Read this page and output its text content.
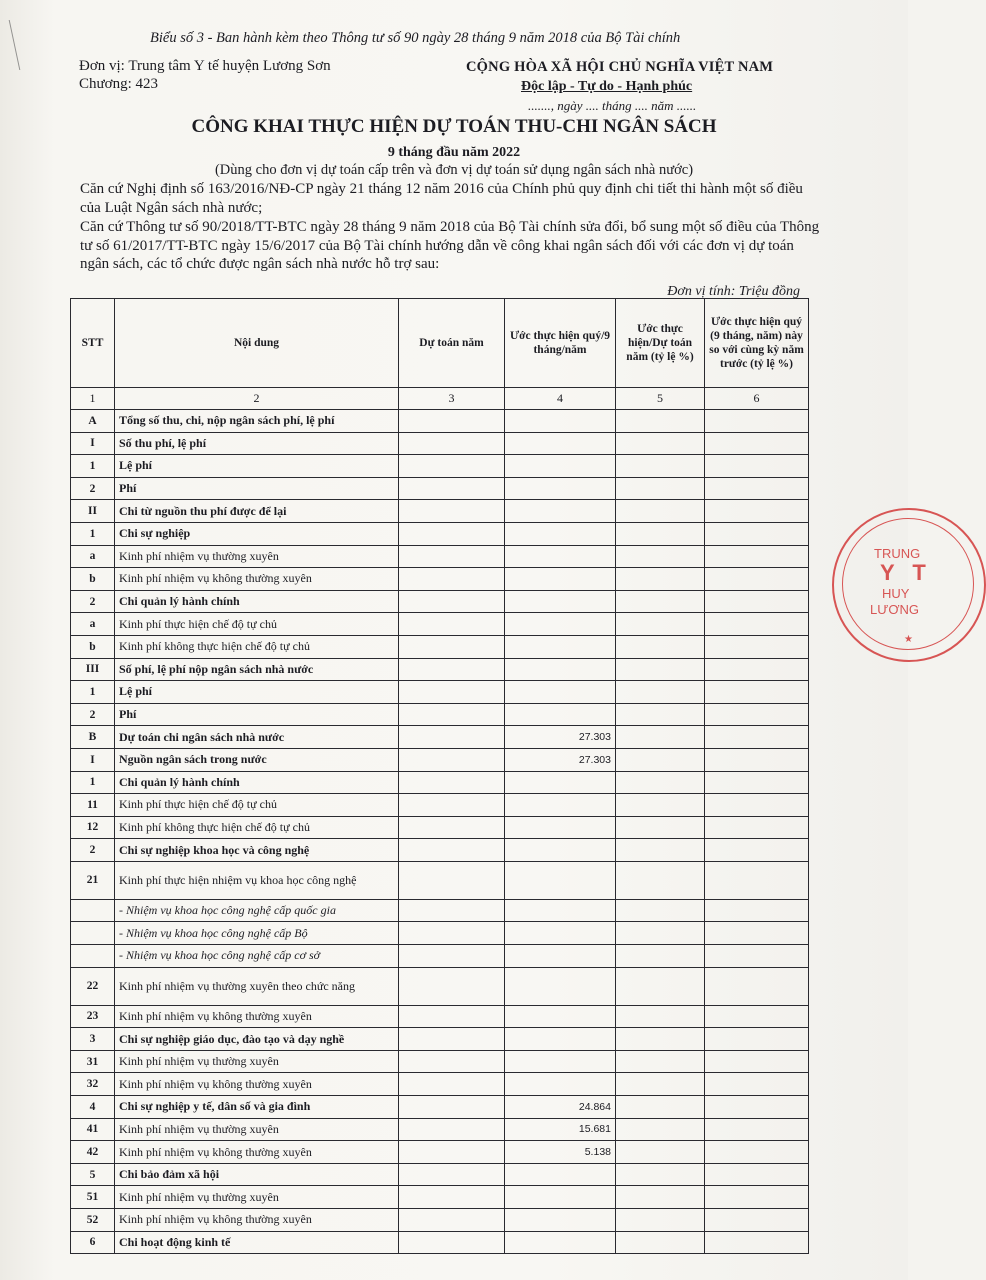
Biểu số 3 - Ban hành kèm theo Thông tư số 90 ngày 28 tháng 9 năm 2018 của Bộ Tài chính
Đơn vị: Trung tâm Y tế huyện Lương Sơn
Chương: 423
CỘNG HÒA XÃ HỘI CHỦ NGHĨA VIỆT NAM
Độc lập - Tự do - Hạnh phúc
......., ngày .... tháng .... năm ......
CÔNG KHAI THỰC HIỆN DỰ TOÁN THU-CHI NGÂN SÁCH
9 tháng đầu năm 2022
(Dùng cho đơn vị dự toán cấp trên và đơn vị dự toán sử dụng ngân sách nhà nước)
Căn cứ Nghị định số 163/2016/NĐ-CP ngày 21 tháng 12 năm 2016 của Chính phủ quy định chi tiết thi hành một số điều của Luật Ngân sách nhà nước;
Căn cứ Thông tư số 90/2018/TT-BTC ngày 28 tháng 9 năm 2018 của Bộ Tài chính sửa đổi, bổ sung một số điều của Thông tư số 61/2017/TT-BTC ngày 15/6/2017 của Bộ Tài chính hướng dẫn về công khai ngân sách đối với các đơn vị dự toán ngân sách, các tổ chức được ngân sách nhà nước hỗ trợ sau:
Đơn vị tính: Triệu đồng
STT	Nội dung	Dự toán năm	Ước thực hiện quý/9 tháng/năm	Ước thực hiện/Dự toán năm (tỷ lệ %)	Ước thực hiện quý (9 tháng, năm) này so với cùng kỳ năm trước (tỷ lệ %)
1	2	3	4	5	6
A	Tổng số thu, chi, nộp ngân sách phí, lệ phí				
I	Số thu phí, lệ phí				
1	Lệ phí				
2	Phí				
II	Chi từ nguồn thu phí được để lại				
1	Chi sự nghiệp				
a	Kinh phí nhiệm vụ thường xuyên				
b	Kinh phí nhiệm vụ không thường xuyên				
2	Chi quản lý hành chính				
a	Kinh phí thực hiện chế độ tự chủ				
b	Kinh phí không thực hiện chế độ tự chủ				
III	Số phí, lệ phí nộp ngân sách nhà nước				
1	Lệ phí				
2	Phí				
B	Dự toán chi ngân sách nhà nước		27.303		
I	Nguồn ngân sách trong nước		27.303		
1	Chi quản lý hành chính				
11	Kinh phí thực hiện chế độ tự chủ				
12	Kinh phí không thực hiện chế độ tự chủ				
2	Chi sự nghiệp khoa học và công nghệ				
21	Kinh phí thực hiện nhiệm vụ khoa học công nghệ				
	- Nhiệm vụ khoa học công nghệ cấp quốc gia				
	- Nhiệm vụ khoa học công nghệ cấp Bộ				
	- Nhiệm vụ khoa học công nghệ cấp cơ sở				
22	Kinh phí nhiệm vụ thường xuyên theo chức năng				
23	Kinh phí nhiệm vụ không thường xuyên				
3	Chi sự nghiệp giáo dục, đào tạo và dạy nghề				
31	Kinh phí nhiệm vụ thường xuyên				
32	Kinh phí nhiệm vụ không thường xuyên				
4	Chi sự nghiệp y tế, dân số và gia đình		24.864		
41	Kinh phí nhiệm vụ thường xuyên		15.681		
42	Kinh phí nhiệm vụ không thường xuyên		5.138		
5	Chi bảo đảm xã hội				
51	Kinh phí nhiệm vụ thường xuyên				
52	Kinh phí nhiệm vụ không thường xuyên				
6	Chi hoạt động kinh tế				
TRUNG
Y T
HUY
LƯƠNG
★
